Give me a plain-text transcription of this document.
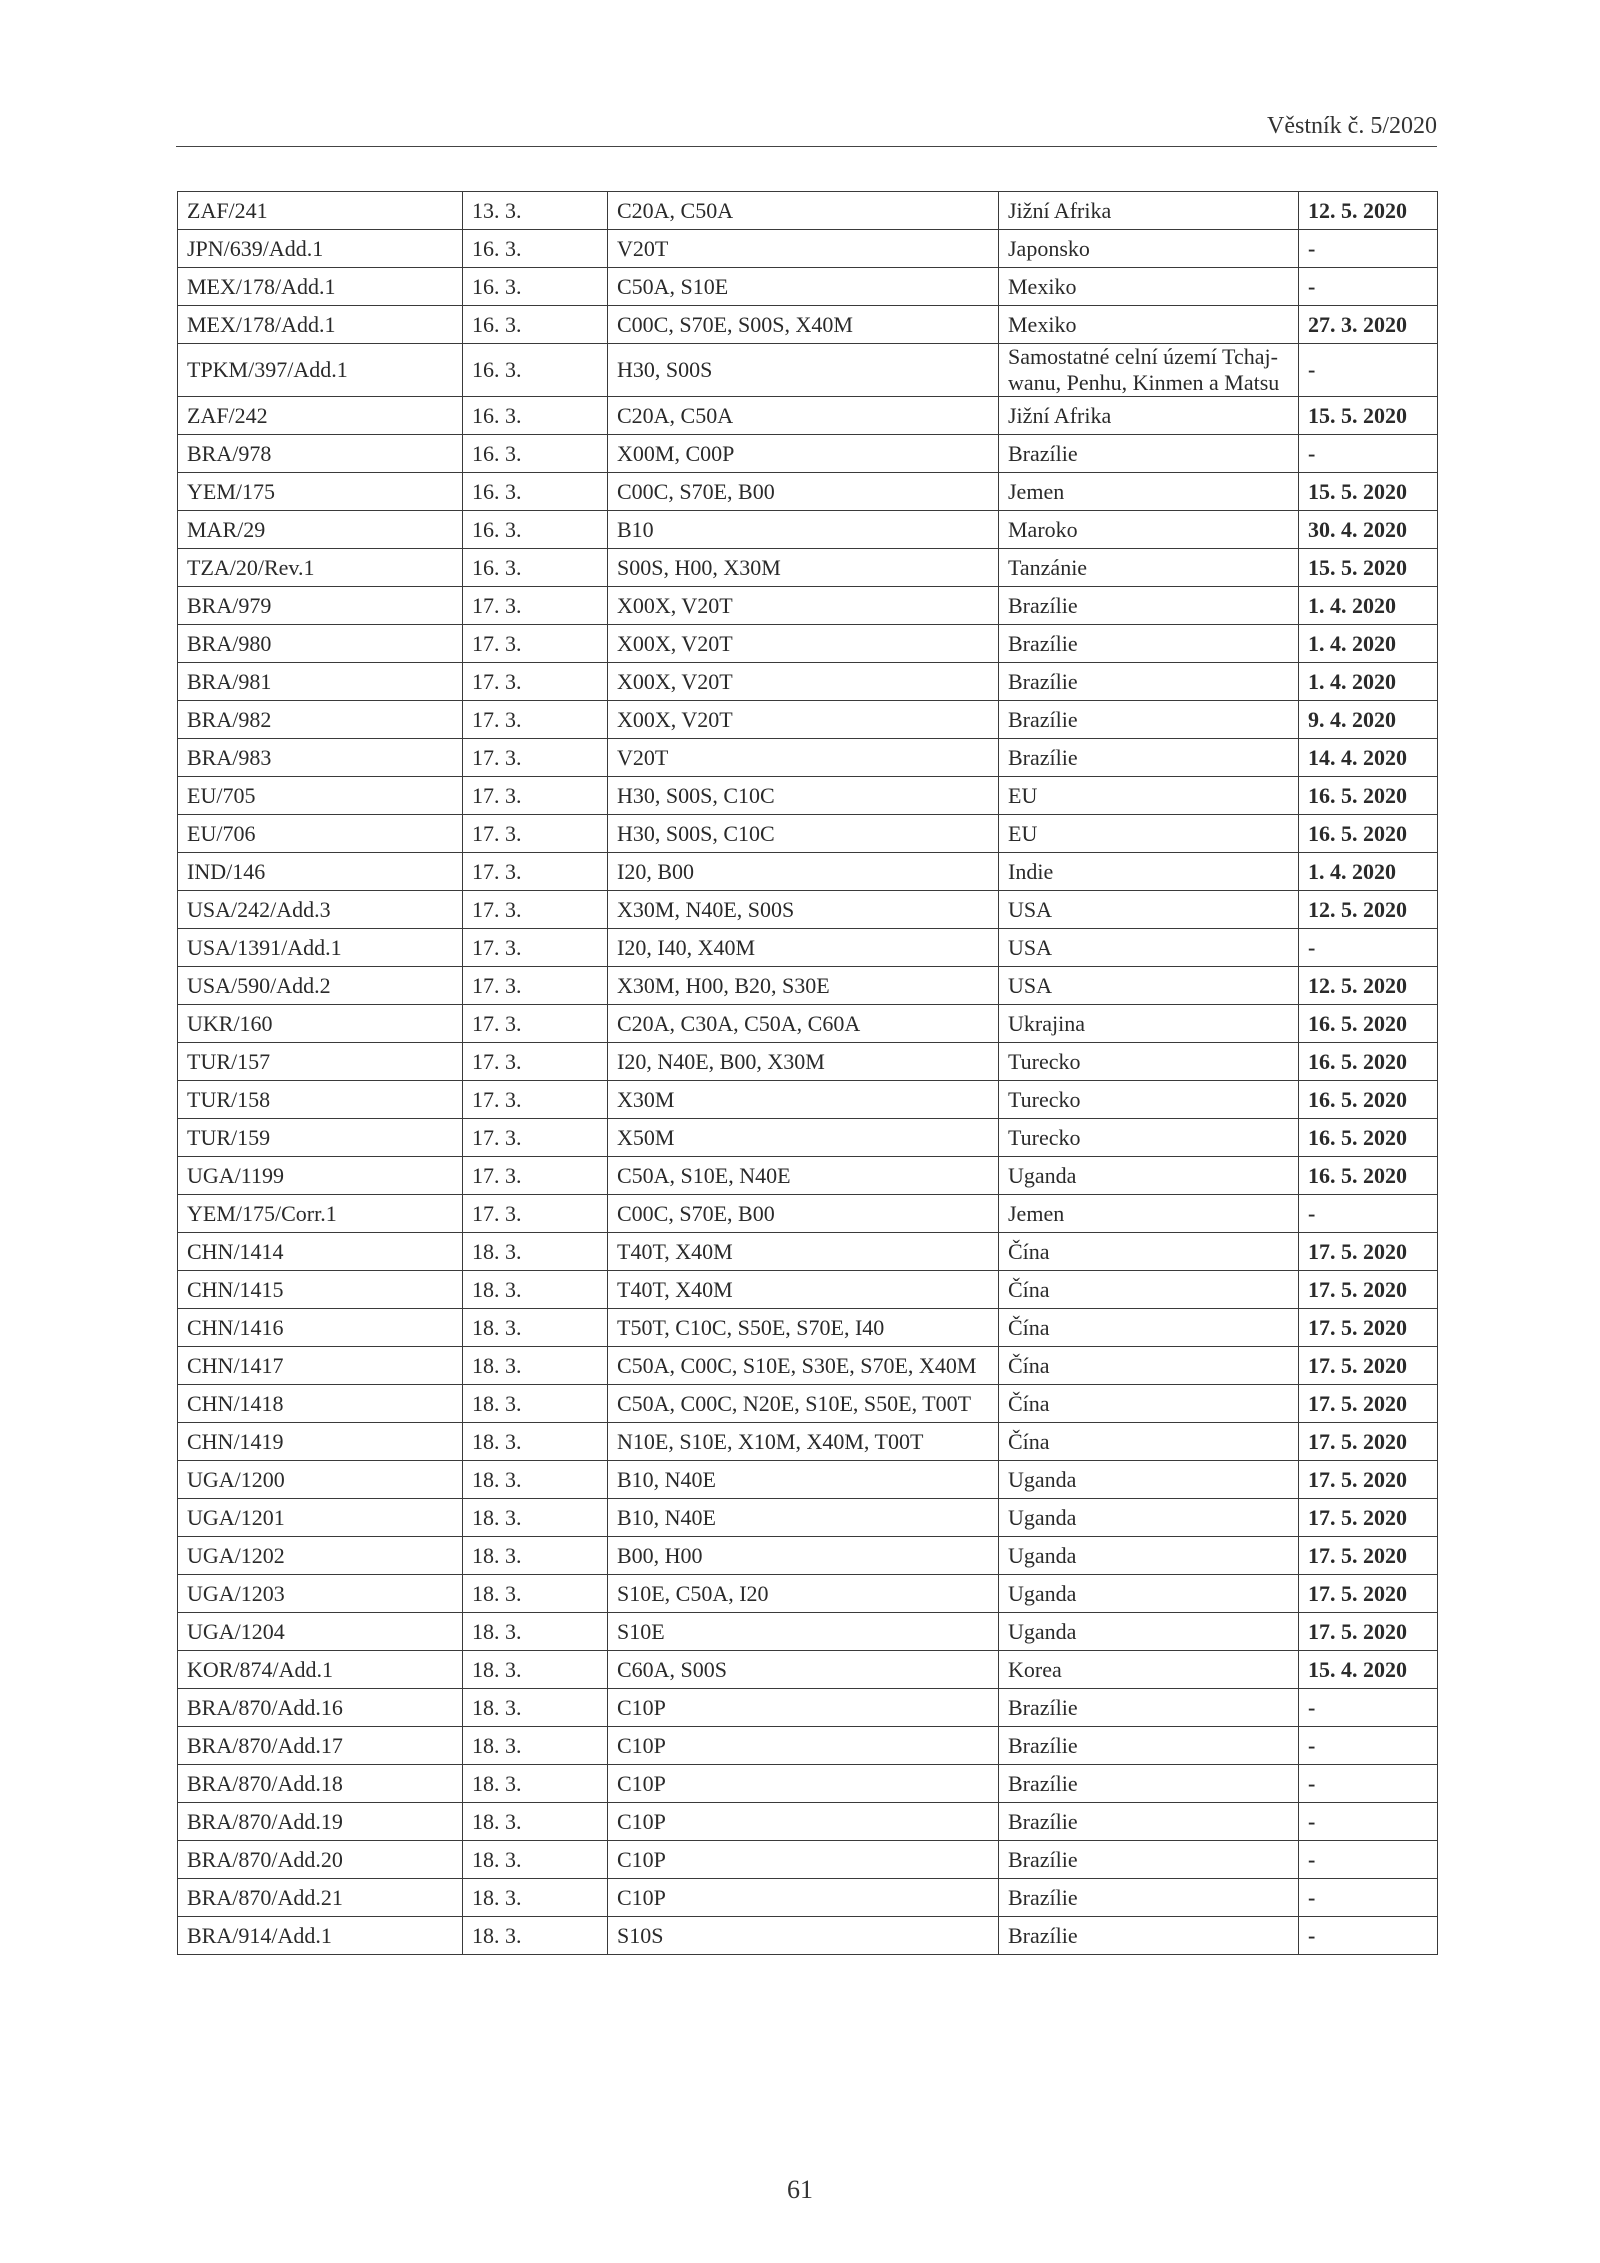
Věstník č. 5/2020
ZAF/241	13. 3.	C20A, C50A	Jižní Afrika	12. 5. 2020
JPN/639/Add.1	16. 3.	V20T	Japonsko	-
MEX/178/Add.1	16. 3.	C50A, S10E	Mexiko	-
MEX/178/Add.1	16. 3.	C00C, S70E, S00S, X40M	Mexiko	27. 3. 2020
TPKM/397/Add.1	16. 3.	H30, S00S	Samostatné celní území Tchaj-wanu, Penhu, Kinmen a Matsu	-
ZAF/242	16. 3.	C20A, C50A	Jižní Afrika	15. 5. 2020
BRA/978	16. 3.	X00M, C00P	Brazílie	-
YEM/175	16. 3.	C00C, S70E, B00	Jemen	15. 5. 2020
MAR/29	16. 3.	B10	Maroko	30. 4. 2020
TZA/20/Rev.1	16. 3.	S00S, H00, X30M	Tanzánie	15. 5. 2020
BRA/979	17. 3.	X00X, V20T	Brazílie	1. 4. 2020
BRA/980	17. 3.	X00X, V20T	Brazílie	1. 4. 2020
BRA/981	17. 3.	X00X, V20T	Brazílie	1. 4. 2020
BRA/982	17. 3.	X00X, V20T	Brazílie	9. 4. 2020
BRA/983	17. 3.	V20T	Brazílie	14. 4. 2020
EU/705	17. 3.	H30, S00S, C10C	EU	16. 5. 2020
EU/706	17. 3.	H30, S00S, C10C	EU	16. 5. 2020
IND/146	17. 3.	I20, B00	Indie	1. 4. 2020
USA/242/Add.3	17. 3.	X30M, N40E, S00S	USA	12. 5. 2020
USA/1391/Add.1	17. 3.	I20, I40, X40M	USA	-
USA/590/Add.2	17. 3.	X30M, H00, B20, S30E	USA	12. 5. 2020
UKR/160	17. 3.	C20A, C30A, C50A, C60A	Ukrajina	16. 5. 2020
TUR/157	17. 3.	I20, N40E, B00, X30M	Turecko	16. 5. 2020
TUR/158	17. 3.	X30M	Turecko	16. 5. 2020
TUR/159	17. 3.	X50M	Turecko	16. 5. 2020
UGA/1199	17. 3.	C50A, S10E, N40E	Uganda	16. 5. 2020
YEM/175/Corr.1	17. 3.	C00C, S70E, B00	Jemen	-
CHN/1414	18. 3.	T40T, X40M	Čína	17. 5. 2020
CHN/1415	18. 3.	T40T, X40M	Čína	17. 5. 2020
CHN/1416	18. 3.	T50T, C10C, S50E, S70E, I40	Čína	17. 5. 2020
CHN/1417	18. 3.	C50A, C00C, S10E, S30E, S70E, X40M	Čína	17. 5. 2020
CHN/1418	18. 3.	C50A, C00C, N20E, S10E, S50E, T00T	Čína	17. 5. 2020
CHN/1419	18. 3.	N10E, S10E, X10M, X40M, T00T	Čína	17. 5. 2020
UGA/1200	18. 3.	B10, N40E	Uganda	17. 5. 2020
UGA/1201	18. 3.	B10, N40E	Uganda	17. 5. 2020
UGA/1202	18. 3.	B00, H00	Uganda	17. 5. 2020
UGA/1203	18. 3.	S10E, C50A, I20	Uganda	17. 5. 2020
UGA/1204	18. 3.	S10E	Uganda	17. 5. 2020
KOR/874/Add.1	18. 3.	C60A, S00S	Korea	15. 4. 2020
BRA/870/Add.16	18. 3.	C10P	Brazílie	-
BRA/870/Add.17	18. 3.	C10P	Brazílie	-
BRA/870/Add.18	18. 3.	C10P	Brazílie	-
BRA/870/Add.19	18. 3.	C10P	Brazílie	-
BRA/870/Add.20	18. 3.	C10P	Brazílie	-
BRA/870/Add.21	18. 3.	C10P	Brazílie	-
BRA/914/Add.1	18. 3.	S10S	Brazílie	-
61
